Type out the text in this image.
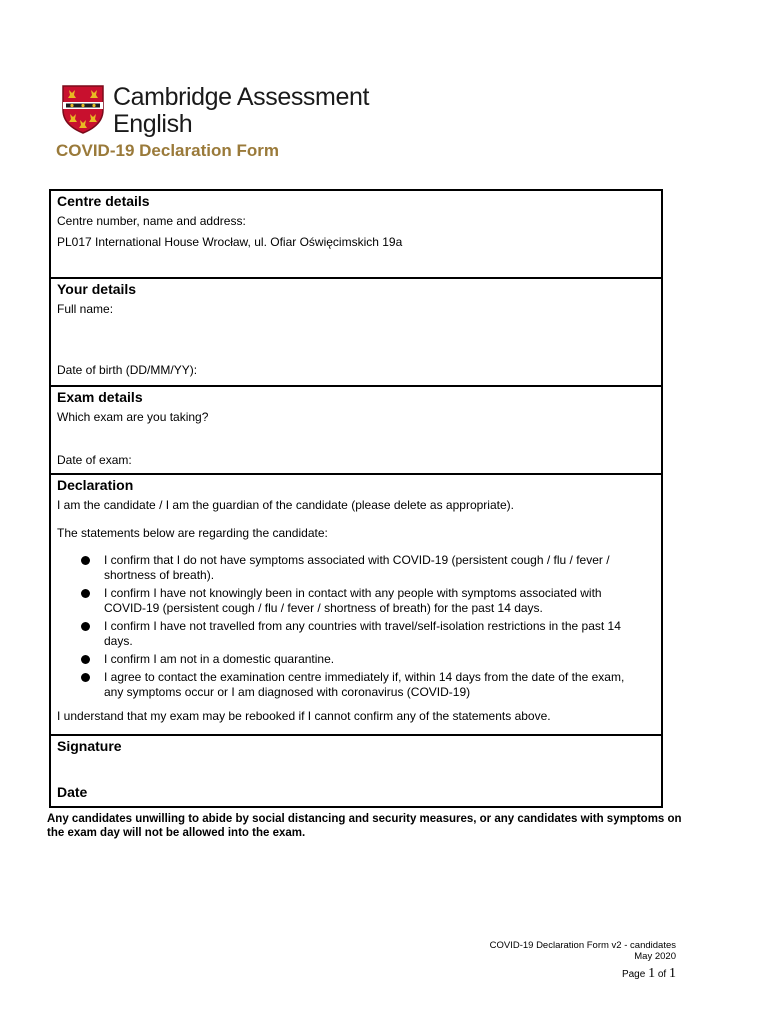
Cambridge Assessment
English
COVID-19 Declaration Form

Centre details

Centre number, name and address:

PL017 International House Wrocław, ul. Ofiar Oświęcimskich 19a

Your details

Full name:

Date of birth (DD/MM/YY):

Exam details

Which exam are you taking?

Date of exam:

Declaration

I am the candidate / I am the guardian of the candidate (please delete as appropriate).

The statements below are regarding the candidate:

I confirm that I do not have symptoms associated with COVID-19 (persistent cough / flu / fever / shortness of breath).
I confirm I have not knowingly been in contact with any people with symptoms associated with COVID-19 (persistent cough / flu / fever / shortness of breath) for the past 14 days.
I confirm I have not travelled from any countries with travel/self-isolation restrictions in the past 14 days.
I confirm I am not in a domestic quarantine.
I agree to contact the examination centre immediately if, within 14 days from the date of the exam, any symptoms occur or I am diagnosed with coronavirus (COVID-19)

I understand that my exam may be rebooked if I cannot confirm any of the statements above.

Signature

Date

Any candidates unwilling to abide by social distancing and security measures, or any candidates with symptoms on the exam day will not be allowed into the exam.
COVID-19 Declaration Form v2 - candidates
May 2020
Page 1 of 1
